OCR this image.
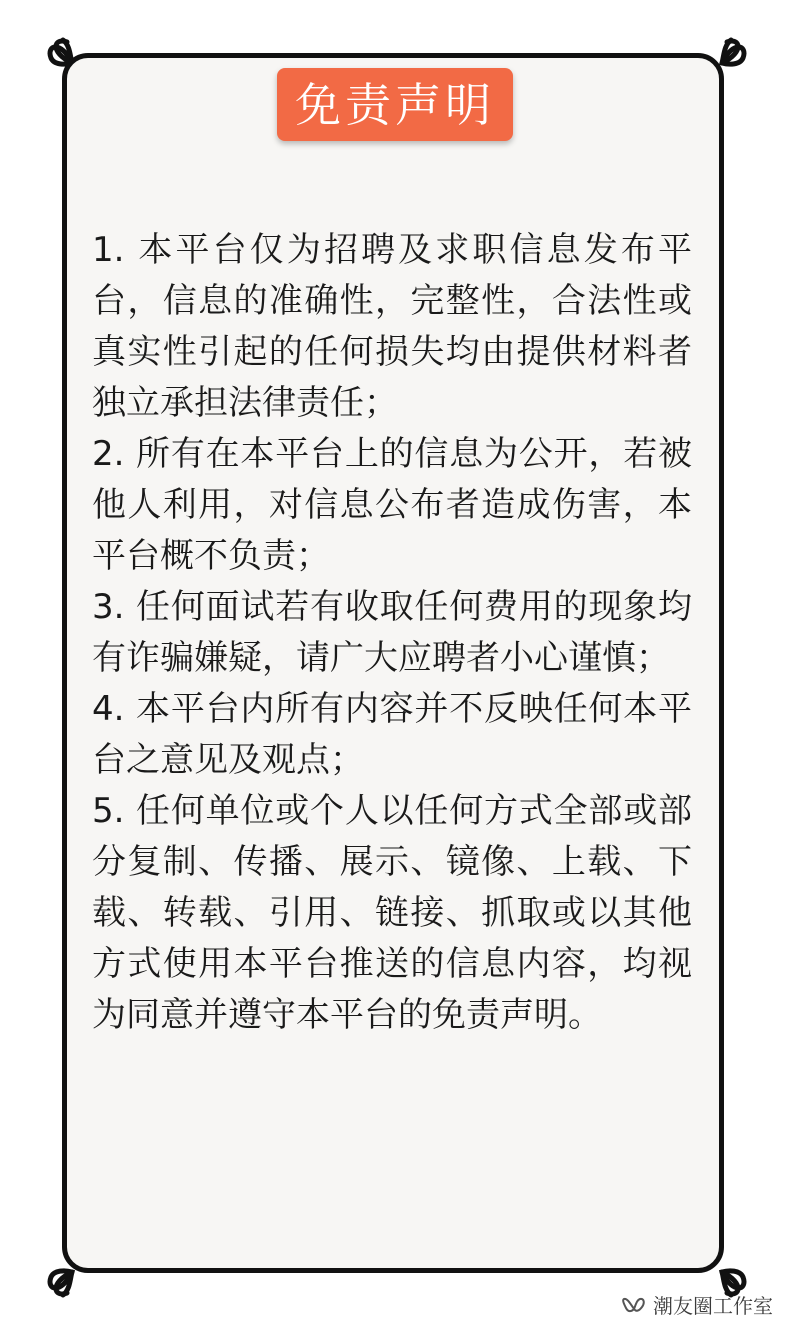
免责声明

1. 本平台仅为招聘及求职信息发布平台，信息的准确性，完整性，合法性或真实性引起的任何损失均由提供材料者独立承担法律责任；

2. 所有在本平台上的信息为公开，若被他人利用，对信息公布者造成伤害，本平台概不负责；

3. 任何面试若有收取任何费用的现象均有诈骗嫌疑，请广大应聘者小心谨慎；

4. 本平台内所有内容并不反映任何本平台之意见及观点；

5. 任何单位或个人以任何方式全部或部分复制、传播、展示、镜像、上载、下载、转载、引用、链接、抓取或以其他方式使用本平台推送的信息内容，均视为同意并遵守本平台的免责声明。

潮友圈工作室
